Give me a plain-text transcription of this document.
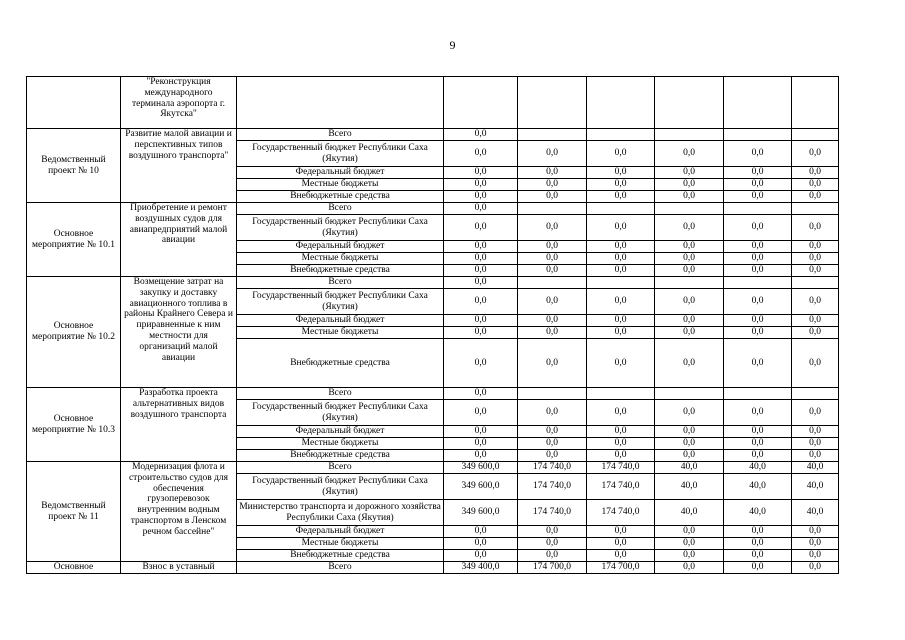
9
	"Реконструкция международного терминала аэропорта г. Якутска"							
Ведомственный проект № 10	Развитие малой авиации и перспективных типов воздушного транспорта"	Всего	0,0					
		Государственный бюджет Республики Саха (Якутия)	0,0	0,0	0,0	0,0	0,0	0,0
		Федеральный бюджет	0,0	0,0	0,0	0,0	0,0	0,0
		Местные бюджеты	0,0	0,0	0,0	0,0	0,0	0,0
		Внебюджетные средства	0,0	0,0	0,0	0,0	0,0	0,0
Основное мероприятие № 10.1	Приобретение и ремонт воздушных судов для авиапредприятий малой авиации	Всего	0,0					
		Государственный бюджет Республики Саха (Якутия)	0,0	0,0	0,0	0,0	0,0	0,0
		Федеральный бюджет	0,0	0,0	0,0	0,0	0,0	0,0
		Местные бюджеты	0,0	0,0	0,0	0,0	0,0	0,0
		Внебюджетные средства	0,0	0,0	0,0	0,0	0,0	0,0
Основное мероприятие № 10.2	Возмещение затрат на закупку и доставку авиационного топлива в районы Крайнего Севера и приравненные к ним местности для организаций малой авиации	Всего	0,0					
		Государственный бюджет Республики Саха (Якутия)	0,0	0,0	0,0	0,0	0,0	0,0
		Федеральный бюджет	0,0	0,0	0,0	0,0	0,0	0,0
		Местные бюджеты	0,0	0,0	0,0	0,0	0,0	0,0
		Внебюджетные средства	0,0	0,0	0,0	0,0	0,0	0,0
Основное мероприятие № 10.3	Разработка проекта альтернативных видов воздушного транспорта	Всего	0,0					
		Государственный бюджет Республики Саха (Якутия)	0,0	0,0	0,0	0,0	0,0	0,0
		Федеральный бюджет	0,0	0,0	0,0	0,0	0,0	0,0
		Местные бюджеты	0,0	0,0	0,0	0,0	0,0	0,0
		Внебюджетные средства	0,0	0,0	0,0	0,0	0,0	0,0
Ведомственный проект № 11	Модернизация флота и строительство судов для обеспечения грузоперевозок внутренним водным транспортом в Ленском речном бассейне"	Всего	349 600,0	174 740,0	174 740,0	40,0	40,0	40,0
		Государственный бюджет Республики Саха (Якутия)	349 600,0	174 740,0	174 740,0	40,0	40,0	40,0
		Министерство транспорта и дорожного хозяйства Республики Саха (Якутия)	349 600,0	174 740,0	174 740,0	40,0	40,0	40,0
		Федеральный бюджет	0,0	0,0	0,0	0,0	0,0	0,0
		Местные бюджеты	0,0	0,0	0,0	0,0	0,0	0,0
		Внебюджетные средства	0,0	0,0	0,0	0,0	0,0	0,0
Основное	Взнос в уставный	Всего	349 400,0	174 700,0	174 700,0	0,0	0,0	0,0
